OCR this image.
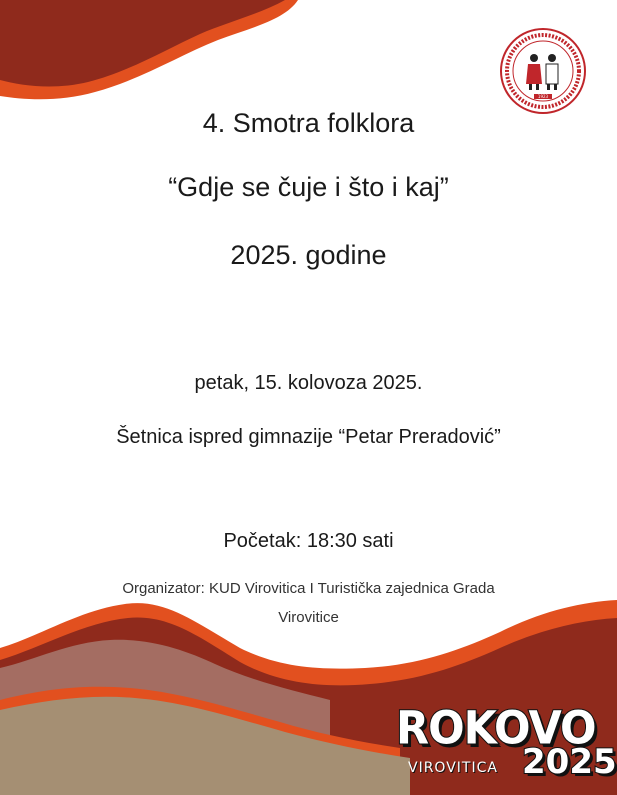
1923
4. Smotra folklora
“Gdje se čuje i što i kaj”
2025. godine
petak, 15. kolovoza 2025.
Šetnica ispred gimnazije “Petar Preradović”
Početak: 18:30 sati
Organizator: KUD Virovitica I Turistička zajednica Grada
Virovitice
ROKOVO
VIROVITICA 2025
